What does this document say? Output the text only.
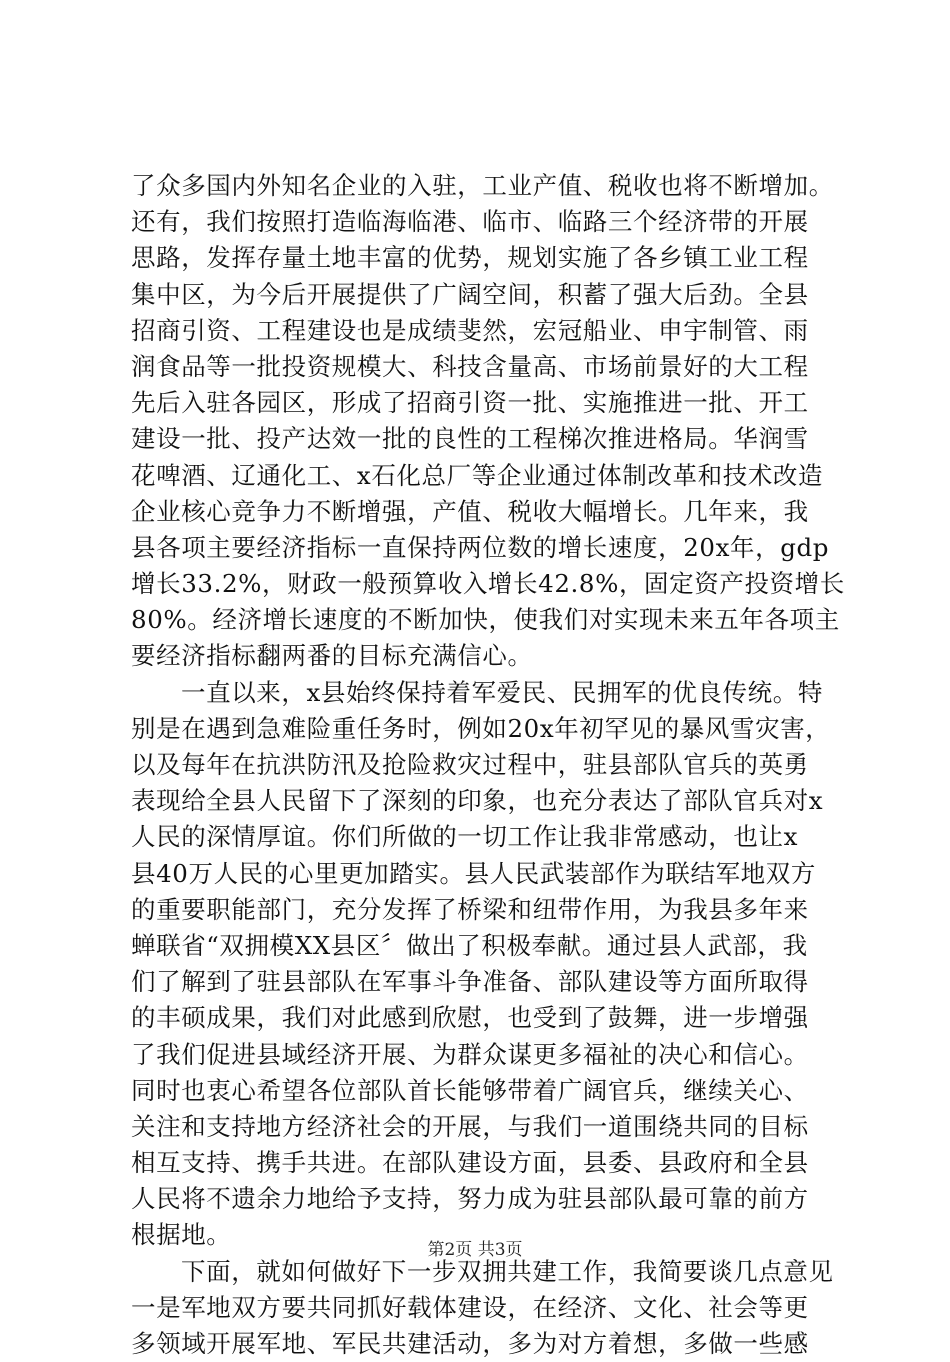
了众多国内外知名企业的入驻，工业产值、税收也将不断增加。
还有，我们按照打造临海临港、临市、临路三个经济带的开展
思路，发挥存量土地丰富的优势，规划实施了各乡镇工业工程
集中区，为今后开展提供了广阔空间，积蓄了强大后劲。全县
招商引资、工程建设也是成绩斐然，宏冠船业、申宇制管、雨
润食品等一批投资规模大、科技含量高、市场前景好的大工程
先后入驻各园区，形成了招商引资一批、实施推进一批、开工
建设一批、投产达效一批的良性的工程梯次推进格局。华润雪
花啤酒、辽通化工、x石化总厂等企业通过体制改革和技术改造
企业核心竞争力不断增强，产值、税收大幅增长。几年来，我
县各项主要经济指标一直保持两位数的增长速度，20x年，gdp
增长33.2%，财政一般预算收入增长42.8%，固定资产投资增长
80%。经济增长速度的不断加快，使我们对实现未来五年各项主
要经济指标翻两番的目标充满信心。
一直以来，x县始终保持着军爱民、民拥军的优良传统。特
别是在遇到急难险重任务时，例如20x年初罕见的暴风雪灾害，
以及每年在抗洪防汛及抢险救灾过程中，驻县部队官兵的英勇
表现给全县人民留下了深刻的印象，也充分表达了部队官兵对x
人民的深情厚谊。你们所做的一切工作让我非常感动，也让x
县40万人民的心里更加踏实。县人民武装部作为联结军地双方
的重要职能部门，充分发挥了桥梁和纽带作用，为我县多年来
蝉联省“双拥模XX县区〞做出了积极奉献。通过县人武部，我
们了解到了驻县部队在军事斗争准备、部队建设等方面所取得
的丰硕成果，我们对此感到欣慰，也受到了鼓舞，进一步增强
了我们促进县域经济开展、为群众谋更多福祉的决心和信心。
同时也衷心希望各位部队首长能够带着广阔官兵，继续关心、
关注和支持地方经济社会的开展，与我们一道围绕共同的目标
相互支持、携手共进。在部队建设方面，县委、县政府和全县
人民将不遗余力地给予支持，努力成为驻县部队最可靠的前方
根据地。
下面，就如何做好下一步双拥共建工作，我简要谈几点意见
一是军地双方要共同抓好载体建设，在经济、文化、社会等更
多领域开展军地、军民共建活动，多为对方着想，多做一些感
第2页 共3页
